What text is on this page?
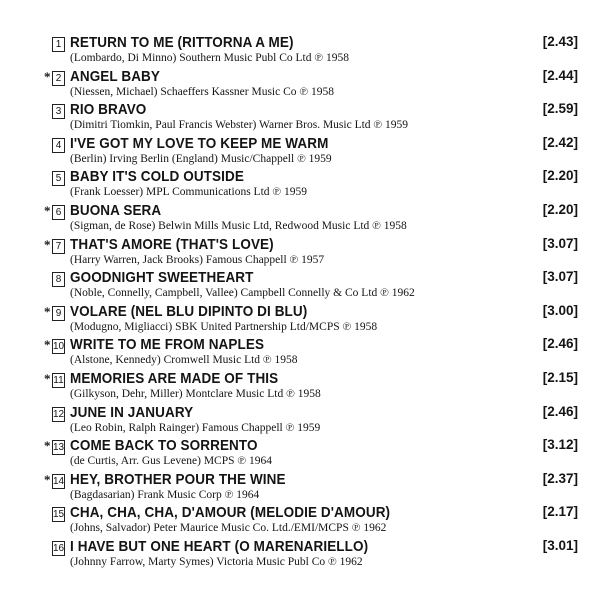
1 RETURN TO ME (RITTORNA A ME)
(Lombardo, Di Minno) Southern Music Publ Co Ltd ℗ 1958
[2.43]
* 2 ANGEL BABY
(Niessen, Michael) Schaeffers Kassner Music Co ℗ 1958
[2.44]
3 RIO BRAVO
(Dimitri Tiomkin, Paul Francis Webster) Warner Bros. Music Ltd ℗ 1959
[2.59]
4 I'VE GOT MY LOVE TO KEEP ME WARM
(Berlin) Irving Berlin (England) Music/Chappell ℗ 1959
[2.42]
5 BABY IT'S COLD OUTSIDE
(Frank Loesser) MPL Communications Ltd ℗ 1959
[2.20]
* 6 BUONA SERA
(Sigman, de Rose) Belwin Mills Music Ltd, Redwood Music Ltd ℗ 1958
[2.20]
* 7 THAT'S AMORE (THAT'S LOVE)
(Harry Warren, Jack Brooks) Famous Chappell ℗ 1957
[3.07]
8 GOODNIGHT SWEETHEART
(Noble, Connelly, Campbell, Vallee) Campbell Connelly & Co Ltd ℗ 1962
[3.07]
* 9 VOLARE (NEL BLU DIPINTO DI BLU)
(Modugno, Migliacci) SBK United Partnership Ltd/MCPS ℗ 1958
[3.00]
* 10 WRITE TO ME FROM NAPLES
(Alstone, Kennedy) Cromwell Music Ltd ℗ 1958
[2.46]
* 11 MEMORIES ARE MADE OF THIS
(Gilkyson, Dehr, Miller) Montclare Music Ltd ℗ 1958
[2.15]
12 JUNE IN JANUARY
(Leo Robin, Ralph Rainger) Famous Chappell ℗ 1959
[2.46]
* 13 COME BACK TO SORRENTO
(de Curtis, Arr. Gus Levene) MCPS ℗ 1964
[3.12]
* 14 HEY, BROTHER POUR THE WINE
(Bagdasarian) Frank Music Corp ℗ 1964
[2.37]
15 CHA, CHA, CHA, D'AMOUR (MELODIE D'AMOUR)
(Johns, Salvador) Peter Maurice Music Co. Ltd./EMI/MCPS ℗ 1962
[2.17]
16 I HAVE BUT ONE HEART (O MARENARIELLO)
(Johnny Farrow, Marty Symes) Victoria Music Publ Co ℗ 1962
[3.01]
